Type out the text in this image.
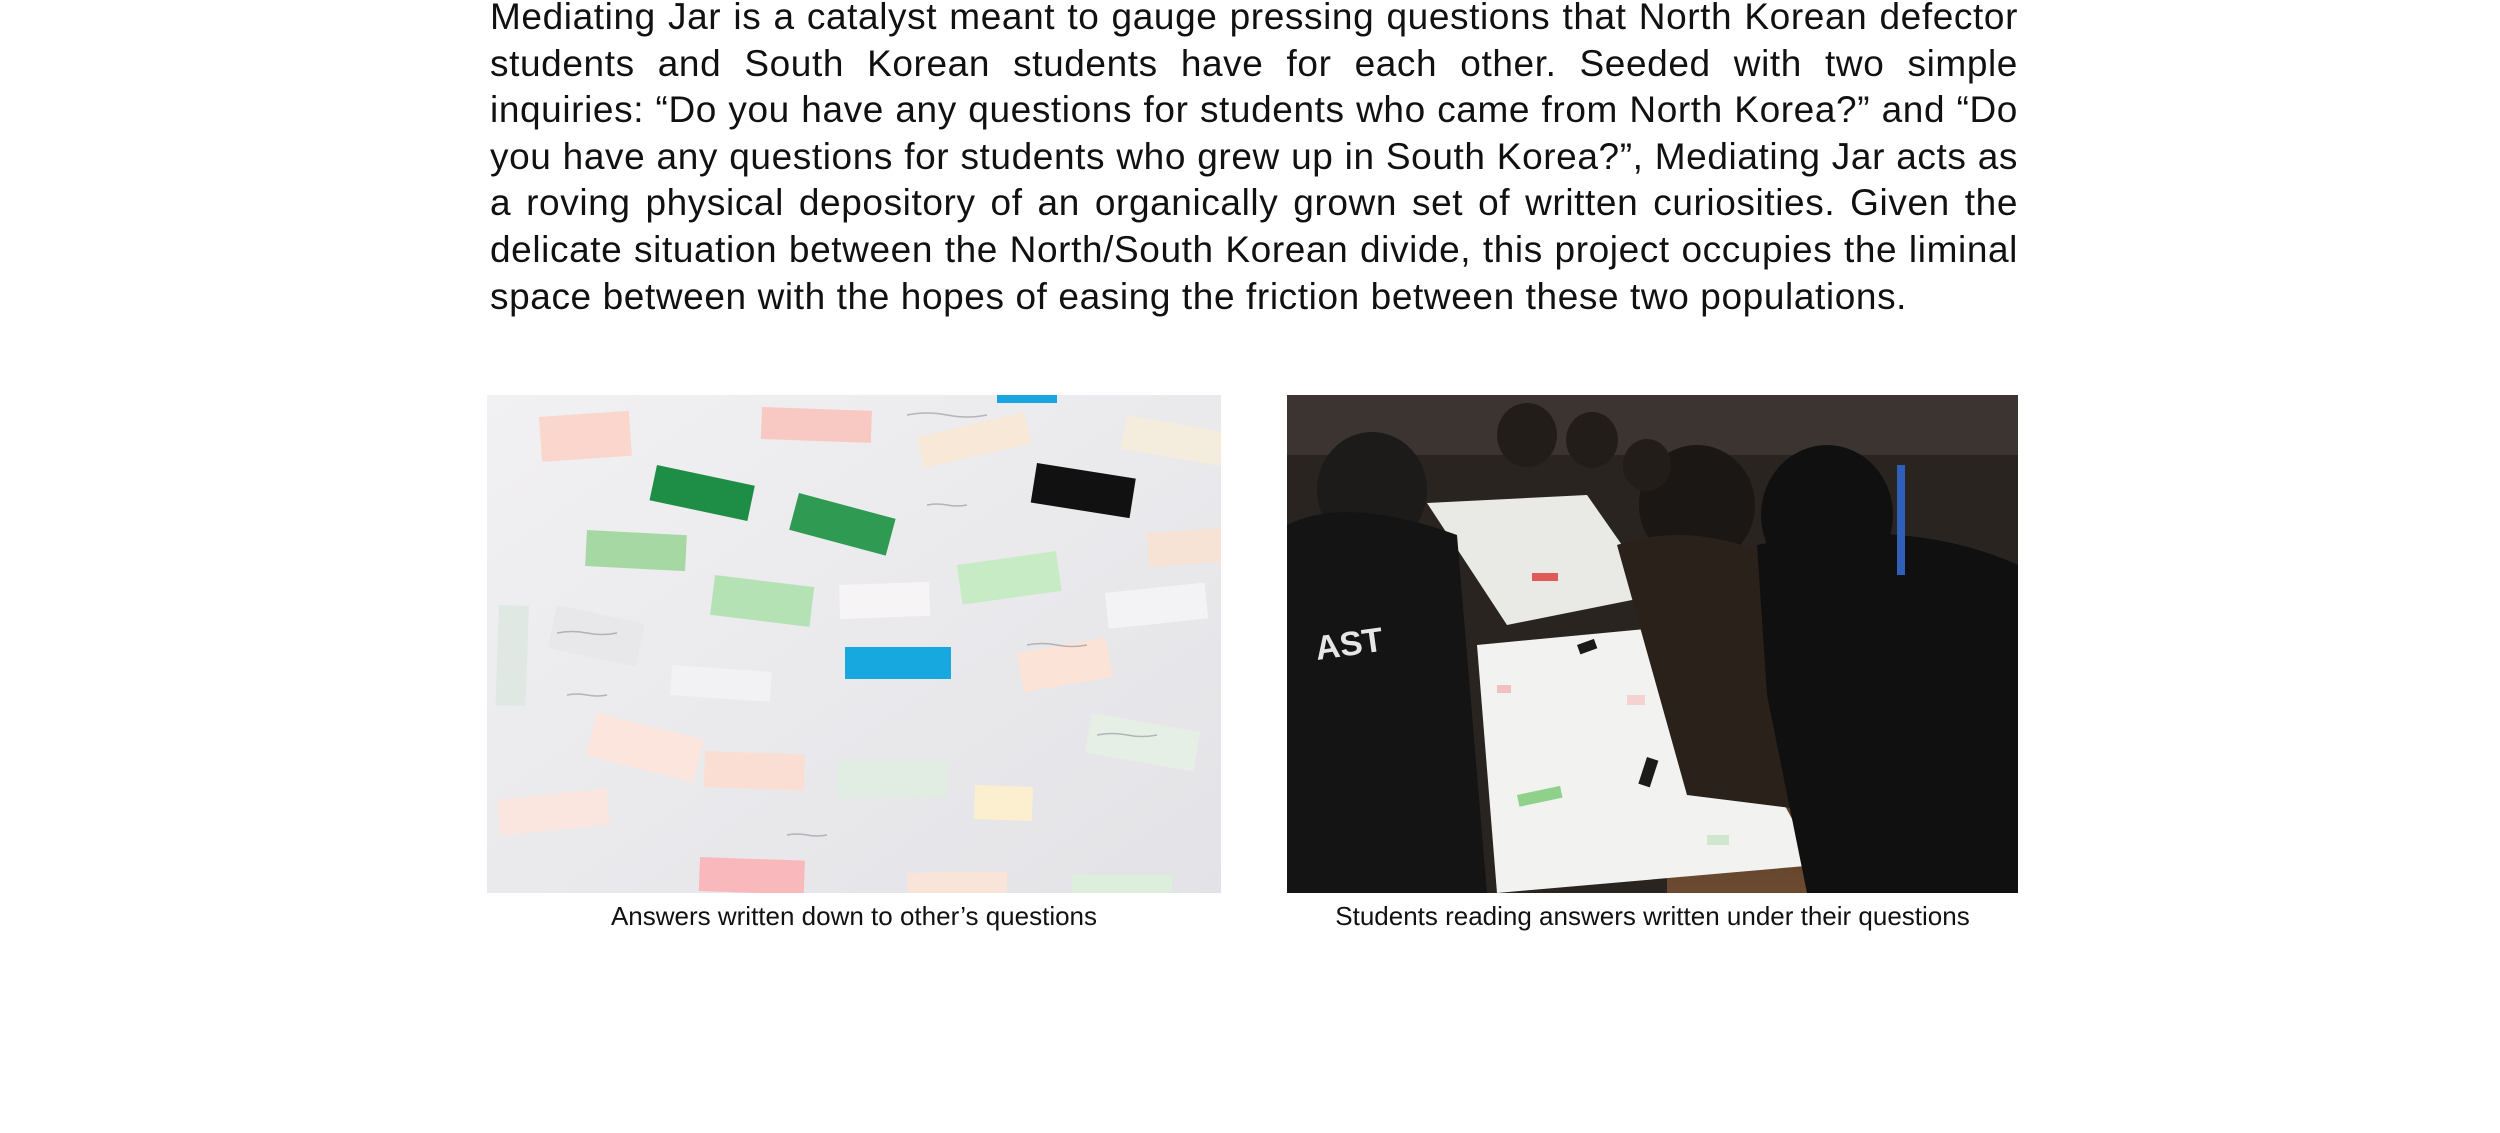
Mediating Jar is a catalyst meant to gauge pressing questions that North Korean defector students and South Korean students have for each other. Seeded with two simple inquiries: “Do you have any questions for students who came from North Korea?” and “Do you have any questions for students who grew up in South Korea?”, Mediating Jar acts as a roving physical depository of an organically grown set of written curiosities. Given the delicate situation between the North/​South Korean divide, this project occupies the liminal space between with the hopes of easing the friction between these two populations.

Answers written down to other’s questions
AST
Students reading answers written under their questions
